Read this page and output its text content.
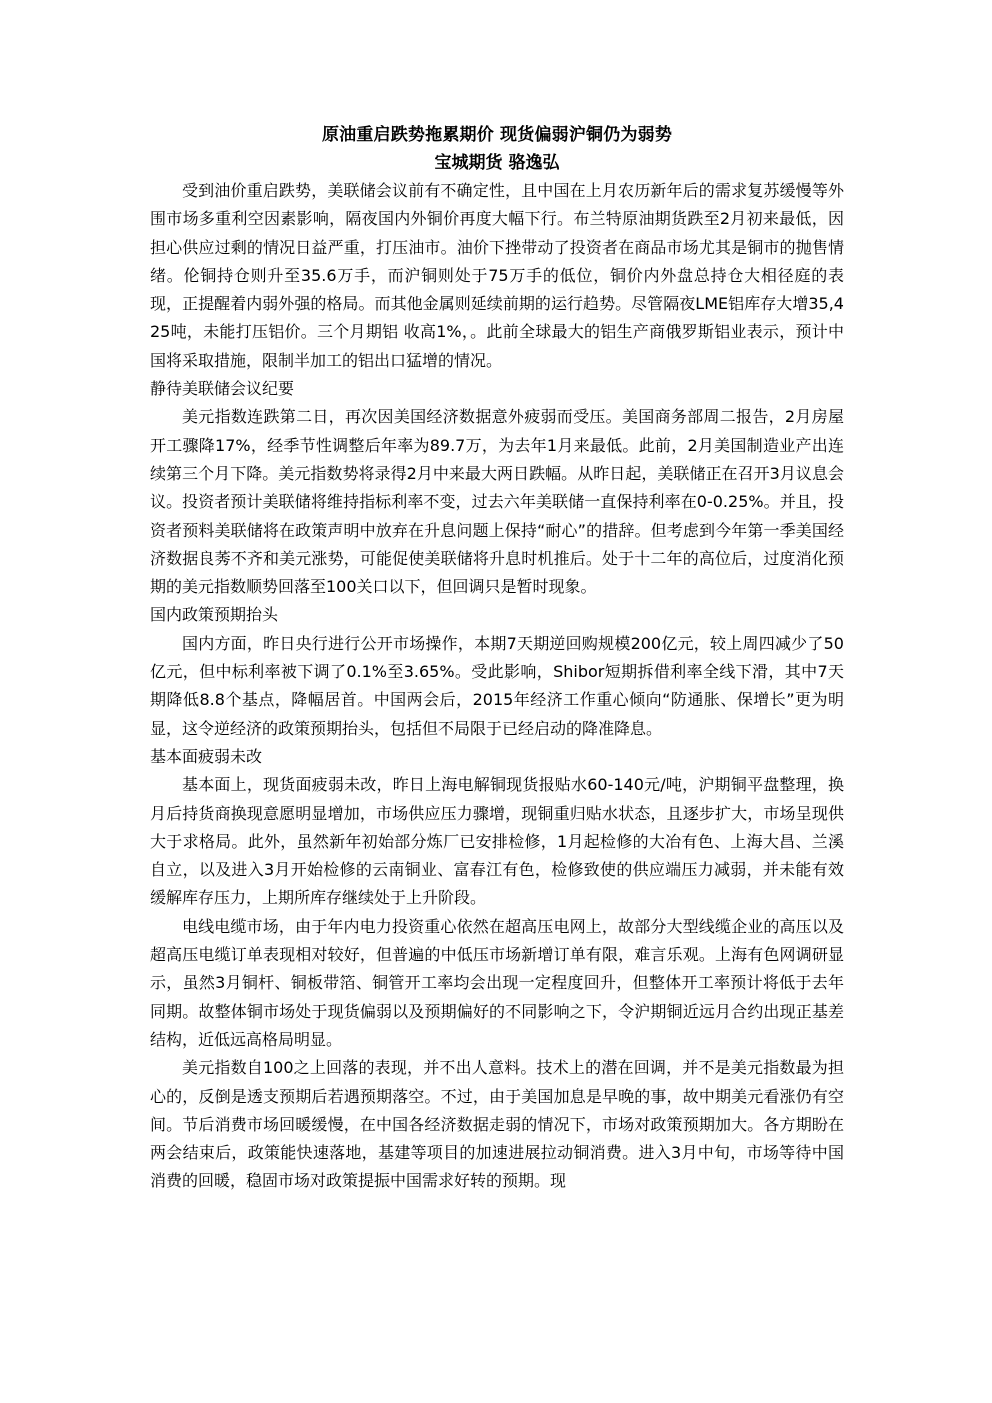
原油重启跌势拖累期价 现货偏弱沪铜仍为弱势
宝城期货 骆逸弘

受到油价重启跌势，美联储会议前有不确定性，且中国在上月农历新年后的需求复苏缓慢等外围市场多重利空因素影响，隔夜国内外铜价再度大幅下行。布兰特原油期货跌至2月初来最低，因担心供应过剩的情况日益严重，打压油市。油价下挫带动了投资者在商品市场尤其是铜市的抛售情绪。伦铜持仓则升至35.6万手，而沪铜则处于75万手的低位，铜价内外盘总持仓大相径庭的表现，正提醒着内弱外强的格局。而其他金属则延续前期的运行趋势。尽管隔夜LME铝库存大增35,425吨，未能打压铝价。三个月期铝 收高1%，。此前全球最大的铝生产商俄罗斯铝业表示，预计中国将采取措施，限制半加工的铝出口猛增的情况。

静待美联储会议纪要

美元指数连跌第二日，再次因美国经济数据意外疲弱而受压。美国商务部周二报告，2月房屋开工骤降17%，经季节性调整后年率为89.7万，为去年1月来最低。此前，2月美国制造业产出连续第三个月下降。美元指数势将录得2月中来最大两日跌幅。从昨日起，美联储正在召开3月议息会议。投资者预计美联储将维持指标利率不变，过去六年美联储一直保持利率在0-0.25%。并且，投资者预料美联储将在政策声明中放弃在升息问题上保持“耐心”的措辞。但考虑到今年第一季美国经济数据良莠不齐和美元涨势，可能促使美联储将升息时机推后。处于十二年的高位后，过度消化预期的美元指数顺势回落至100关口以下，但回调只是暂时现象。

国内政策预期抬头

国内方面，昨日央行进行公开市场操作，本期7天期逆回购规模200亿元，较上周四减少了50亿元，但中标利率被下调了0.1%至3.65%。受此影响，Shibor短期拆借利率全线下滑，其中7天期降低8.8个基点，降幅居首。中国两会后，2015年经济工作重心倾向“防通胀、保增长”更为明显，这令逆经济的政策预期抬头，包括但不局限于已经启动的降准降息。

基本面疲弱未改

基本面上，现货面疲弱未改，昨日上海电解铜现货报贴水60-140元/吨，沪期铜平盘整理，换月后持货商换现意愿明显增加，市场供应压力骤增，现铜重归贴水状态，且逐步扩大，市场呈现供大于求格局。此外，虽然新年初始部分炼厂已安排检修，1月起检修的大冶有色、上海大昌、兰溪自立，以及进入3月开始检修的云南铜业、富春江有色，检修致使的供应端压力减弱，并未能有效缓解库存压力，上期所库存继续处于上升阶段。

电线电缆市场，由于年内电力投资重心依然在超高压电网上，故部分大型线缆企业的高压以及超高压电缆订单表现相对较好，但普遍的中低压市场新增订单有限，难言乐观。上海有色网调研显示，虽然3月铜杆、铜板带箔、铜管开工率均会出现一定程度回升，但整体开工率预计将低于去年同期。故整体铜市场处于现货偏弱以及预期偏好的不同影响之下，令沪期铜近远月合约出现正基差结构，近低远高格局明显。

美元指数自100之上回落的表现，并不出人意料。技术上的潜在回调，并不是美元指数最为担心的，反倒是透支预期后若遇预期落空。不过，由于美国加息是早晚的事，故中期美元看涨仍有空间。节后消费市场回暖缓慢，在中国各经济数据走弱的情况下，市场对政策预期加大。各方期盼在两会结束后，政策能快速落地，基建等项目的加速进展拉动铜消费。进入3月中旬，市场等待中国消费的回暖，稳固市场对政策提振中国需求好转的预期。现
